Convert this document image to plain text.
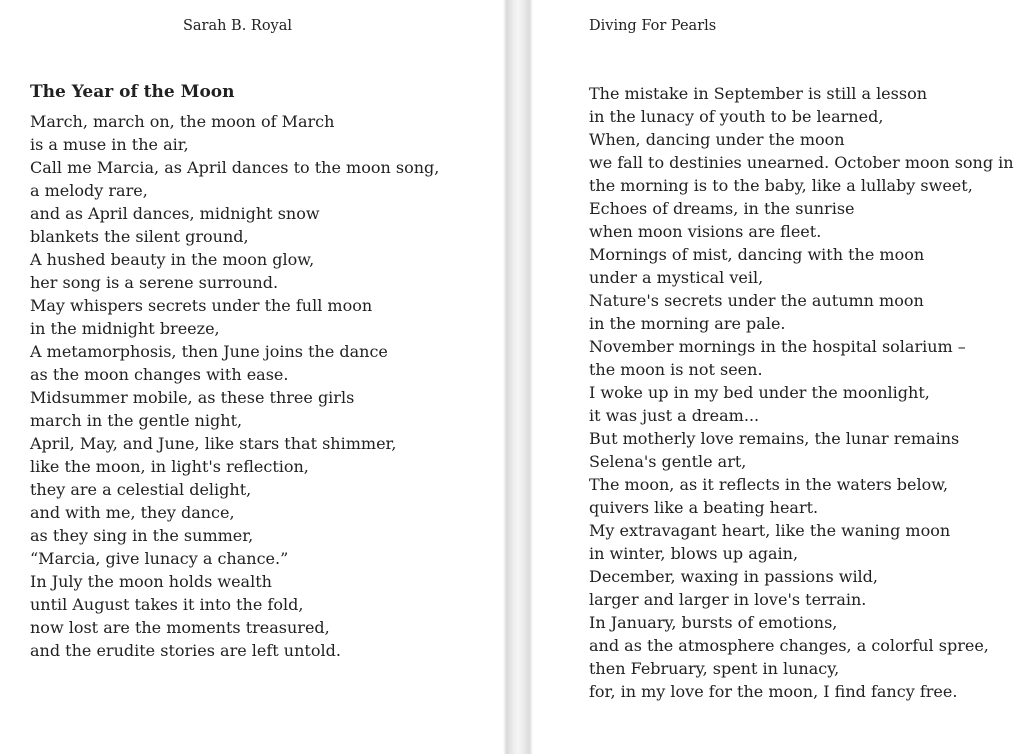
Sarah B. Royal
The Year of the Moon
March, march on, the moon of March
is a muse in the air,
Call me Marcia, as April dances to the moon song,
a melody rare,
and as April dances, midnight snow
blankets the silent ground,
A hushed beauty in the moon glow,
her song is a serene surround.
May whispers secrets under the full moon
in the midnight breeze,
A metamorphosis, then June joins the dance
as the moon changes with ease.
Midsummer mobile, as these three girls
march in the gentle night,
April, May, and June, like stars that shimmer,
like the moon, in light's reflection,
they are a celestial delight,
and with me, they dance,
as they sing in the summer,
“Marcia, give lunacy a chance.”
In July the moon holds wealth
until August takes it into the fold,
now lost are the moments treasured,
and the erudite stories are left untold.
Diving For Pearls
The mistake in September is still a lesson
in the lunacy of youth to be learned,
When, dancing under the moon
we fall to destinies unearned. October moon song in
the morning is to the baby, like a lullaby sweet,
Echoes of dreams, in the sunrise
when moon visions are fleet.
Mornings of mist, dancing with the moon
under a mystical veil,
Nature's secrets under the autumn moon
in the morning are pale.
November mornings in the hospital solarium –
the moon is not seen.
I woke up in my bed under the moonlight,
it was just a dream...
But motherly love remains, the lunar remains
Selena's gentle art,
The moon, as it reflects in the waters below,
quivers like a beating heart.
My extravagant heart, like the waning moon
in winter, blows up again,
December, waxing in passions wild,
larger and larger in love's terrain.
In January, bursts of emotions,
and as the atmosphere changes, a colorful spree,
then February, spent in lunacy,
for, in my love for the moon, I find fancy free.
